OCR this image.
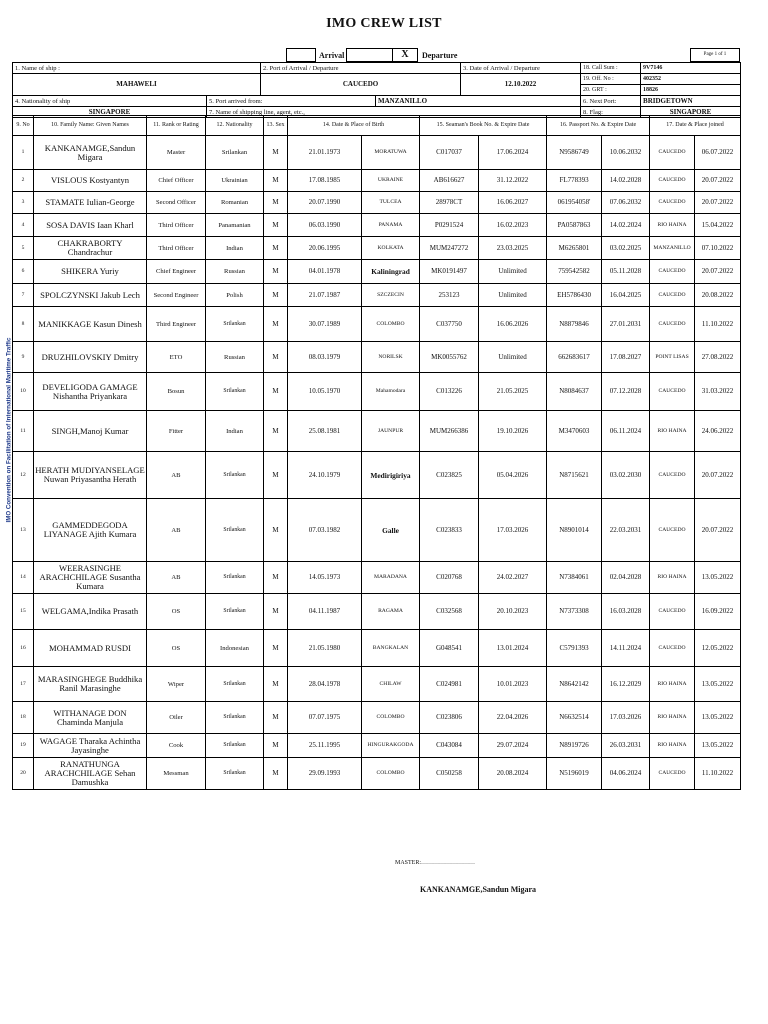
IMO CREW LIST
IMO Convention on Facilitation of International Maritime Traffic
Arrival	X	Departure	Page 1 of 1
1. Name of ship :		2. Port of Arrival / Departure		3. Date of Arrival / Departure	18. Call Sum :	9V7146
MAHAWELI		CAUCEDO		12.10.2022	19. Off. No :	402352
					20. GRT :	18826
4. Nationality of ship	5. Port arrived from:		MANZANILLO		6. Next Port:	BRIDGETOWN
SINGAPORE	7. Name of shipping line, agent, etc.,				8. Flag:	SINGAPORE
9. No	10. Family Name: Given Names	11. Rank or Rating	12. Nationality	13. Sex	14. Date & Place of Birth		15. Seaman's Book No. & Expire Date		16. Passport No. & Expire Date		17. Date & Place joined	
1	KANKANAMGE,Sandun Migara	Master	Srilankan	M	21.01.1973	MORATUWA	C017037	17.06.2024	N9586749	10.06.2032	CAUCEDO	06.07.2022
2	VISLOUS Kostyantyn	Chief Officer	Ukrainian	M	17.08.1985	UKRAINE	AB616627	31.12.2022	FL778393	14.02.2028	CAUCEDO	20.07.2022
3	STAMATE Iulian-George	Second Officer	Romanian	M	20.07.1990	TULCEA	28978CT	16.06.2027	061954058'	07.06.2032	CAUCEDO	20.07.2022
4	SOSA DAVIS Iaan Kharl	Third Officer	Panamanian	M	06.03.1990	PANAMA	P0291524	16.02.2023	PA0587863	14.02.2024	RIO HAINA	15.04.2022
5	CHAKRABORTY Chandrachur	Third Officer	Indian	M	20.06.1995	KOLKATA	MUM247272	23.03.2025	M6265801	03.02.2025	MANZANILLO	07.10.2022
6	SHIKERA Yuriy	Chief Engineer	Russian	M	04.01.1978	Kaliningrad	MK0191497	Unlimited	759542582	05.11.2028	CAUCEDO	20.07.2022
7	SPOLCZYNSKI Jakub Lech	Second Engineer	Polish	M	21.07.1987	SZCZECIN	253123	Unlimited	EH5786430	16.04.2025	CAUCEDO	20.08.2022
8	MANIKKAGE Kasun Dinesh	Third Engineer	Srilankan	M	30.07.1989	COLOMBO	C037750	16.06.2026	N8879846	27.01.2031	CAUCEDO	11.10.2022
9	DRUZHILOVSKIY Dmitry	ETO	Russian	M	08.03.1979	NORILSK	MK0055762	Unlimited	662683617	17.08.2027	POINT LISAS	27.08.2022
10	DEVELIGODA GAMAGE Nishantha Priyankara	Bosun	Srilankan	M	10.05.1970	Mahamodara	C013226	21.05.2025	N8084637	07.12.2028	CAUCEDO	31.03.2022
11	SINGH,Manoj Kumar	Fitter	Indian	M	25.08.1981	JAUNPUR	MUM266386	19.10.2026	M3470603	06.11.2024	RIO HAINA	24.06.2022
12	HERATH MUDIYANSELAGE Nuwan Priyasantha Herath	AB	Srilankan	M	24.10.1979	Medirigiriya	C023825	05.04.2026	N8715621	03.02.2030	CAUCEDO	20.07.2022
13	GAMMEDDEGODA LIYANAGE Ajith Kumara	AB	Srilankan	M	07.03.1982	Galle	C023833	17.03.2026	N8901014	22.03.2031	CAUCEDO	20.07.2022
14	WEERASINGHE ARACHCHILAGE Susantha Kumara	AB	Srilankan	M	14.05.1973	MARADANA	C020768	24.02.2027	N7384061	02.04.2028	RIO HAINA	13.05.2022
15	WELGAMA,Indika Prasath	OS	Srilankan	M	04.11.1987	RAGAMA	C032568	20.10.2023	N7373308	16.03.2028	CAUCEDO	16.09.2022
16	MOHAMMAD RUSDI	OS	Indonesian	M	21.05.1980	BANGKALAN	G048541	13.01.2024	C5791393	14.11.2024	CAUCEDO	12.05.2022
17	MARASINGHEGE Buddhika Ranil Marasinghe	Wiper	Srilankan	M	28.04.1978	CHILAW	C024981	10.01.2023	N8642142	16.12.2029	RIO HAINA	13.05.2022
18	WITHANAGE DON Chaminda Manjula	Oiler	Srilankan	M	07.07.1975	COLOMBO	C023806	22.04.2026	N6632514	17.03.2026	RIO HAINA	13.05.2022
19	WAGAGE Tharaka Achintha Jayasinghe	Cook	Srilankan	M	25.11.1995	HINGURAKGODA	C043084	29.07.2024	N8919726	26.03.2031	RIO HAINA	13.05.2022
20	RANATHUNGA ARACHCHILAGE Sehan Damushka	Messman	Srilankan	M	29.09.1993	COLOMBO	C050258	20.08.2024	N5196019	04.06.2024	CAUCEDO	11.10.2022
MASTER:………………………
KANKANAMGE,Sandun Migara
